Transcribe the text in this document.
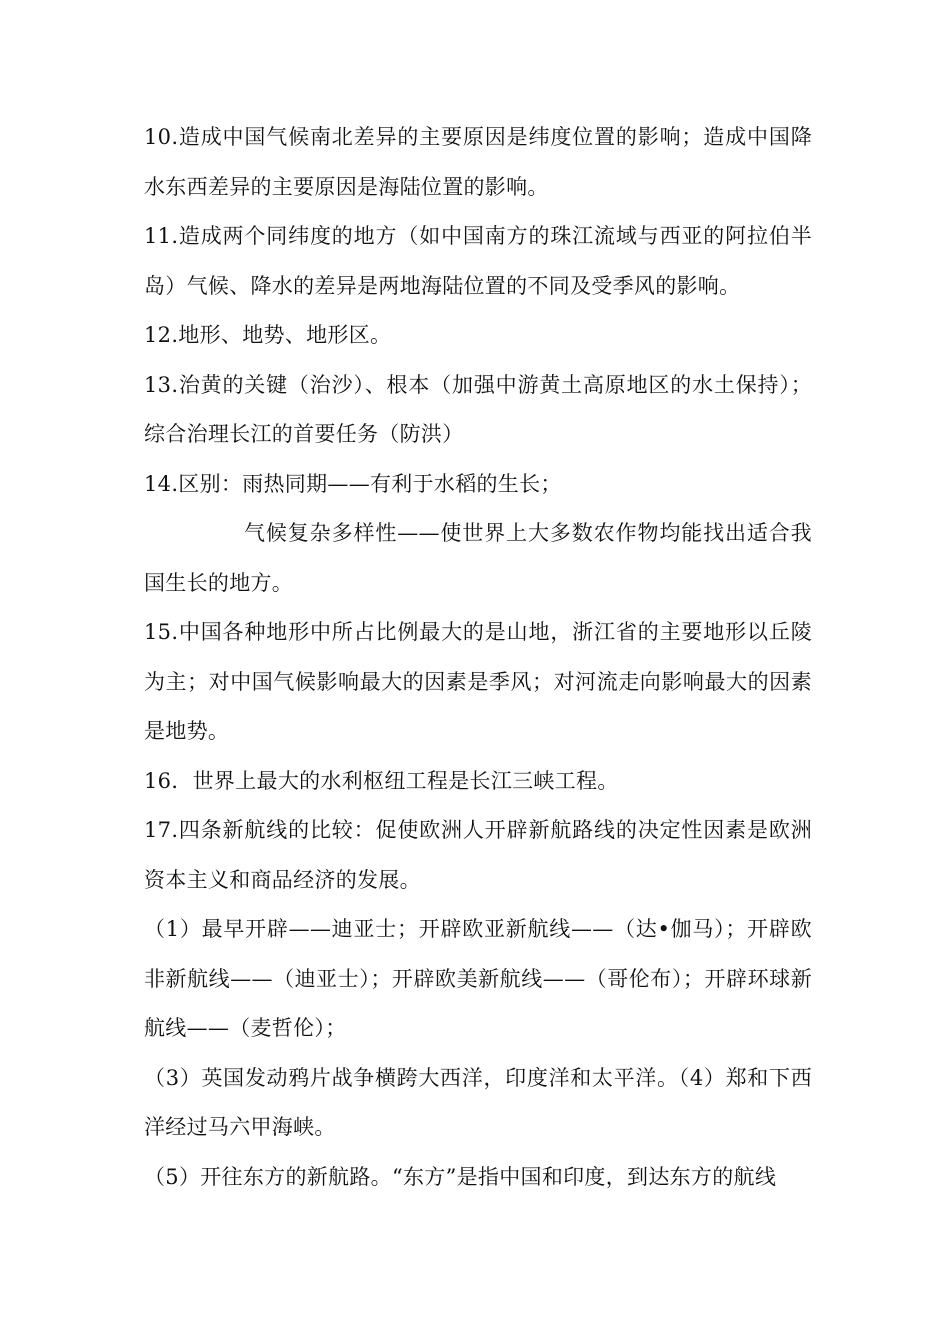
10.造成中国气候南北差异的主要原因是纬度位置的影响；造成中国降水东西差异的主要原因是海陆位置的影响。

11.造成两个同纬度的地方（如中国南方的珠江流域与西亚的阿拉伯半岛）气候、降水的差异是两地海陆位置的不同及受季风的影响。

12.地形、地势、地形区。

13.治黄的关键（治沙）、根本（加强中游黄土高原地区的水土保持）；综合治理长江的首要任务（防洪）

14.区别：雨热同期——有利于水稻的生长；

气候复杂多样性——使世界上大多数农作物均能找出适合我国生长的地方。

15.中国各种地形中所占比例最大的是山地，浙江省的主要地形以丘陵为主；对中国气候影响最大的因素是季风；对河流走向影响最大的因素是地势。

16．世界上最大的水利枢纽工程是长江三峡工程。

17.四条新航线的比较：促使欧洲人开辟新航路线的决定性因素是欧洲资本主义和商品经济的发展。

（1）最早开辟——迪亚士；开辟欧亚新航线——（达•伽马）；开辟欧非新航线——（迪亚士）；开辟欧美新航线——（哥伦布）；开辟环球新航线——（麦哲伦）；

（3）英国发动鸦片战争横跨大西洋，印度洋和太平洋。（4）郑和下西洋经过马六甲海峡。

（5）开往东方的新航路。“东方”是指中国和印度，到达东方的航线
